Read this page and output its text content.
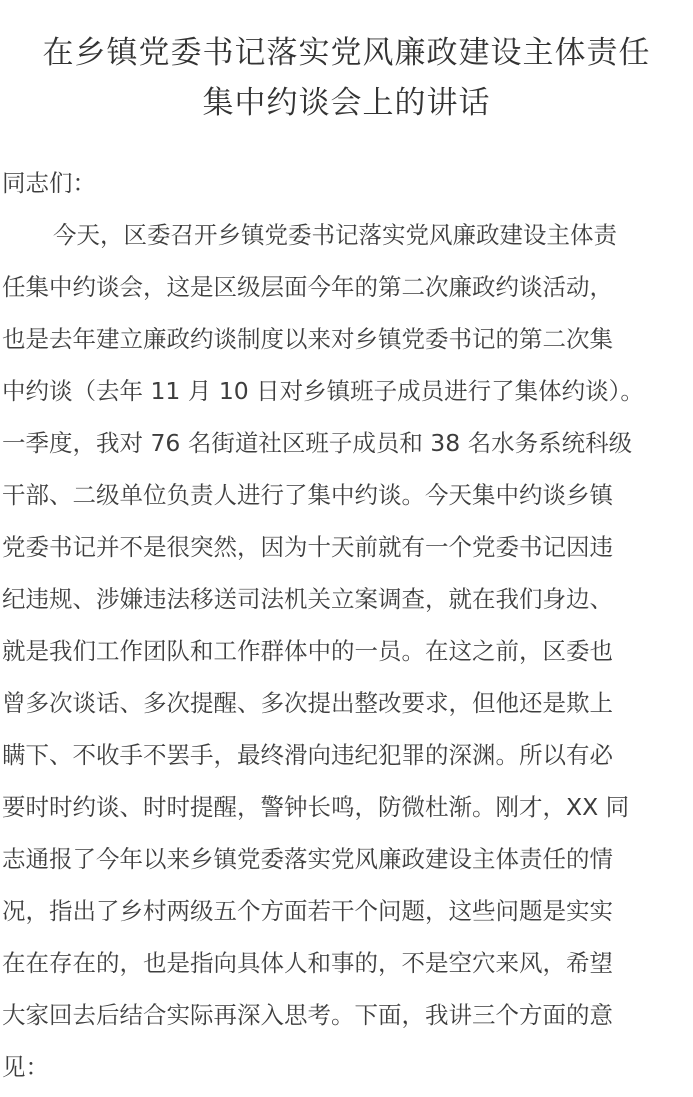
在乡镇党委书记落实党风廉政建设主体责任
集中约谈会上的讲话
同志们：
今天，区委召开乡镇党委书记落实党风廉政建设主体责
任集中约谈会，这是区级层面今年的第二次廉政约谈活动，
也是去年建立廉政约谈制度以来对乡镇党委书记的第二次集
中约谈（去年 11 月 10 日对乡镇班子成员进行了集体约谈）。
一季度，我对 76 名街道社区班子成员和 38 名水务系统科级
干部、二级单位负责人进行了集中约谈。今天集中约谈乡镇
党委书记并不是很突然，因为十天前就有一个党委书记因违
纪违规、涉嫌违法移送司法机关立案调查，就在我们身边、
就是我们工作团队和工作群体中的一员。在这之前，区委也
曾多次谈话、多次提醒、多次提出整改要求，但他还是欺上
瞒下、不收手不罢手，最终滑向违纪犯罪的深渊。所以有必
要时时约谈、时时提醒，警钟长鸣，防微杜渐。刚才，XX 同
志通报了今年以来乡镇党委落实党风廉政建设主体责任的情
况，指出了乡村两级五个方面若干个问题，这些问题是实实
在在存在的，也是指向具体人和事的，不是空穴来风，希望
大家回去后结合实际再深入思考。下面，我讲三个方面的意
见：
